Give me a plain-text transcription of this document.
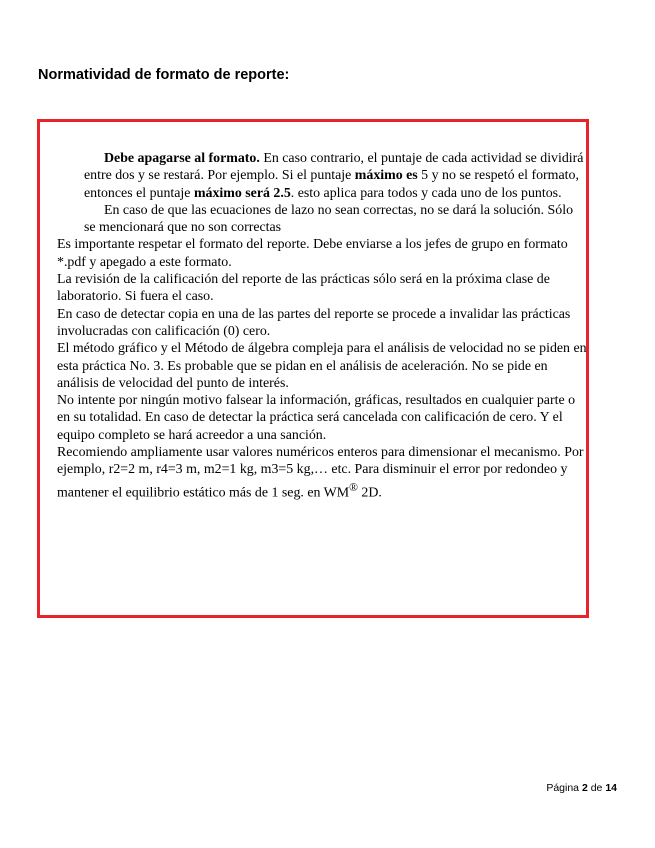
Normatividad de formato de reporte:

Debe apagarse al formato. En caso contrario, el puntaje de cada actividad se dividirá entre dos y se restará. Por ejemplo. Si el puntaje máximo es 5 y no se respetó el formato, entonces el puntaje máximo será 2.5. esto aplica para todos y cada uno de los puntos.

En caso de que las ecuaciones de lazo no sean correctas, no se dará la solución. Sólo se mencionará que no son correctas

Es importante respetar el formato del reporte. Debe enviarse a los jefes de grupo en formato *.pdf y apegado a este formato.

La revisión de la calificación del reporte de las prácticas sólo será en la próxima clase de laboratorio. Si fuera el caso.

En caso de detectar copia en una de las partes del reporte se procede a invalidar las prácticas involucradas con calificación (0) cero.

El método gráfico y el Método de álgebra compleja para el análisis de velocidad no se piden en esta práctica No. 3. Es probable que se pidan en el análisis de aceleración. No se pide en análisis de velocidad del punto de interés.

No intente por ningún motivo falsear la información, gráficas, resultados en cualquier parte o en su totalidad. En caso de detectar la práctica será cancelada con calificación de cero. Y el equipo completo se hará acreedor a una sanción.

Recomiendo ampliamente usar valores numéricos enteros para dimensionar el mecanismo. Por ejemplo, r2=2 m, r4=3 m, m2=1 kg, m3=5 kg,… etc. Para disminuir el error por redondeo y mantener el equilibrio estático más de 1 seg. en WM® 2D.

Página 2 de 14
